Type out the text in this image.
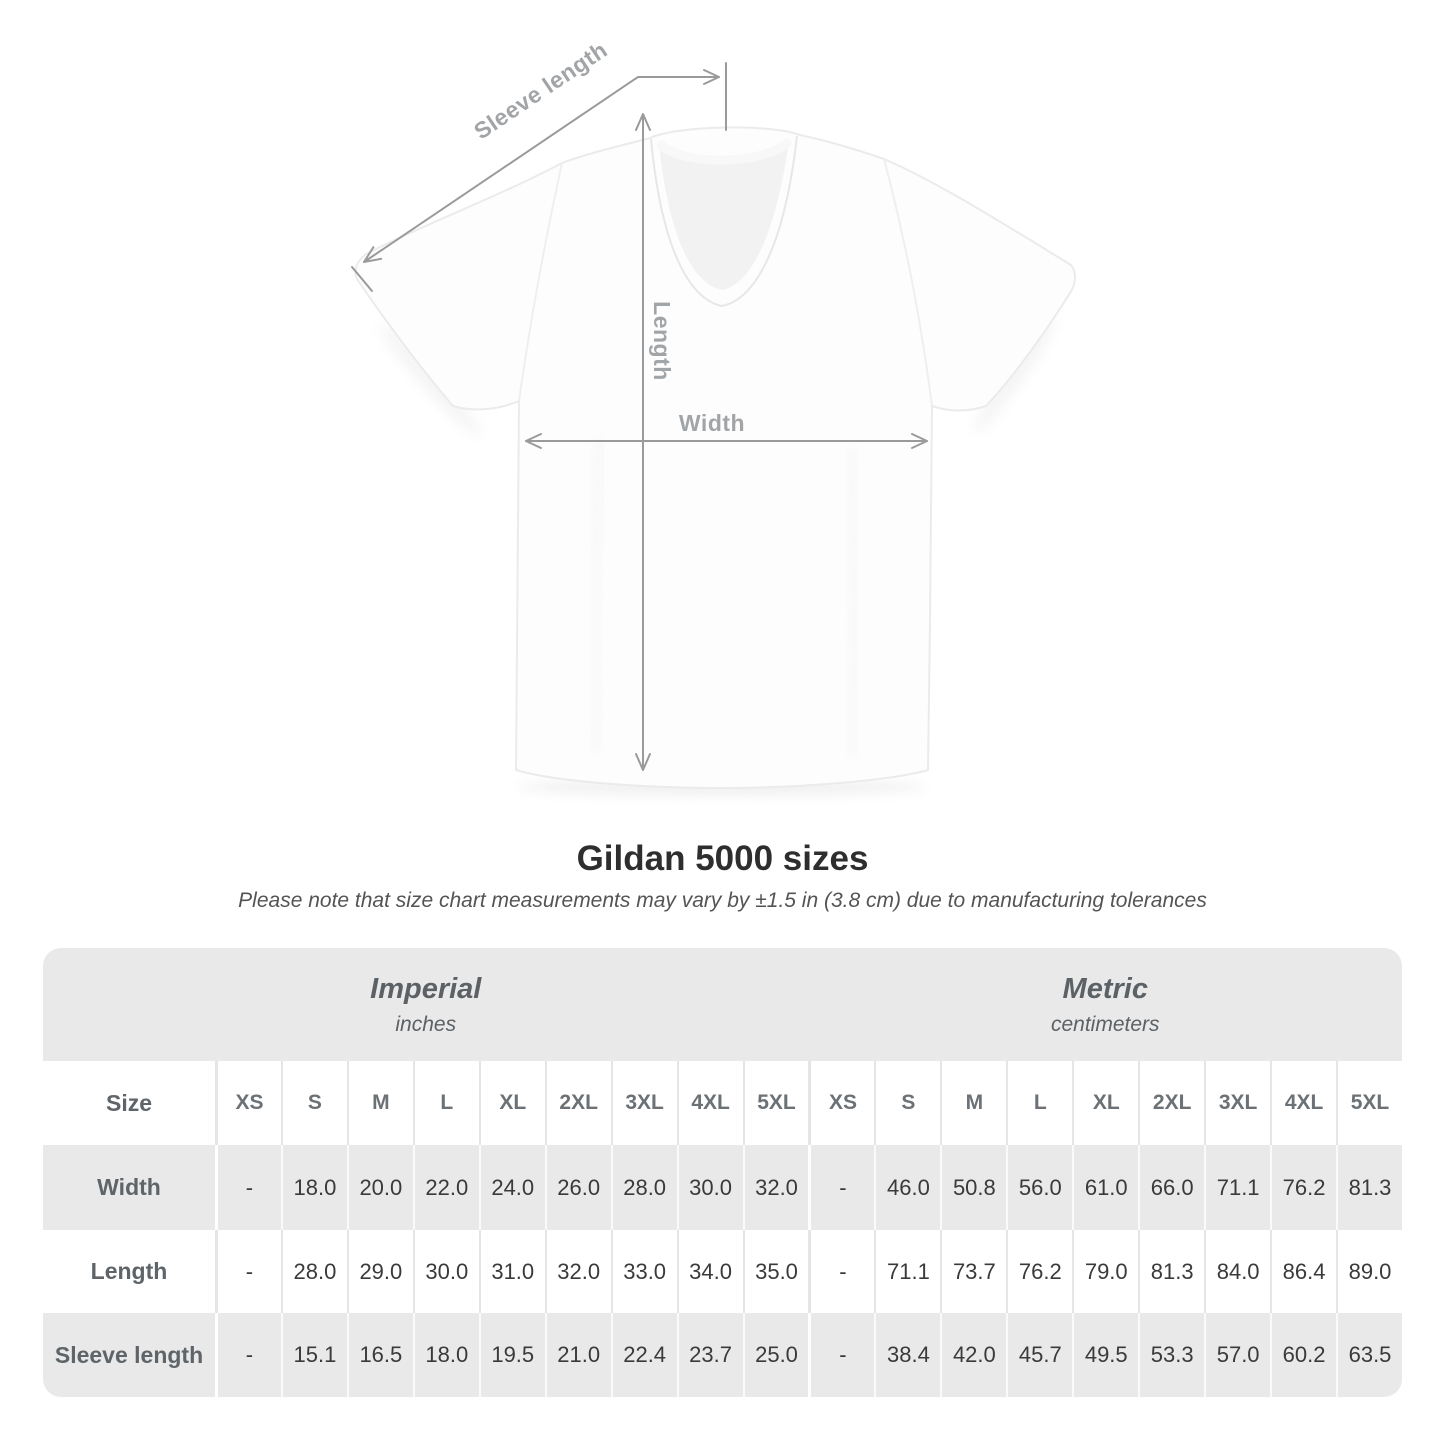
Sleeve length
Length
Width
Gildan 5000 sizes

Please note that size chart measurements may vary by ±1.5 in (3.8 cm) due to manufacturing tolerances

Imperial
inches
Metric
centimeters
Size	XS	S	M	L	XL	2XL	3XL	4XL	5XL	XS	S	M	L	XL	2XL	3XL	4XL	5XL
Width	-	18.0	20.0	22.0	24.0	26.0	28.0	30.0	32.0	-	46.0	50.8	56.0	61.0	66.0	71.1	76.2	81.3
Length	-	28.0	29.0	30.0	31.0	32.0	33.0	34.0	35.0	-	71.1	73.7	76.2	79.0	81.3	84.0	86.4	89.0
Sleeve length	-	15.1	16.5	18.0	19.5	21.0	22.4	23.7	25.0	-	38.4	42.0	45.7	49.5	53.3	57.0	60.2	63.5
